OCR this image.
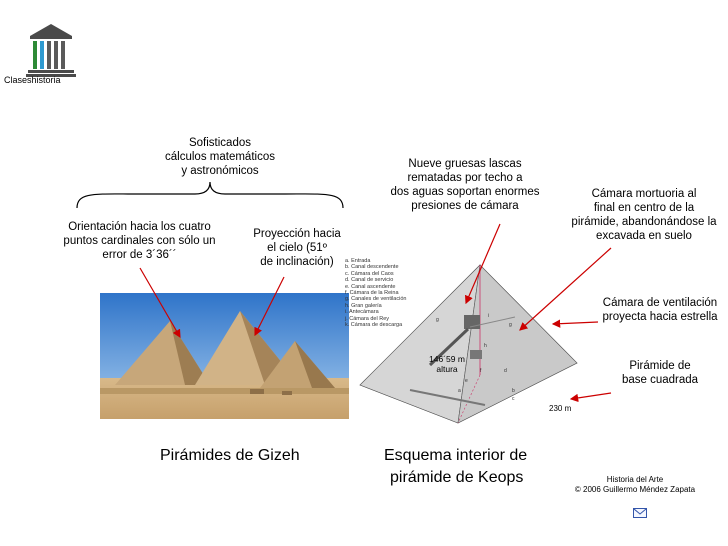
Claseshistoria
Sofisticados
cálculos matemáticos
y astronómicos
Orientación hacia los cuatro
puntos cardinales con sólo un
error de 3´36´´
Proyección hacia
el cielo (51º
de inclinación)
Nueve gruesas lascas
rematadas por techo a
dos aguas soportan enormes
presiones de cámara
Cámara mortuoria al
final en centro de la
pirámide, abandonándose la
excavada en suelo
a. Entrada
b. Canal descendente
c. Cámara del Caos
d. Canal de servicio
e. Canal ascendente
f. Cámara de la Reina
g. Canales de ventilación
h. Gran galería
i. Antecámara
j. Cámara del Rey
k. Cámara de descarga
g
g
i
h
f
e
a	b
c
d
146´59 m
altura
230 m
Cámara de ventilación
proyecta hacia estrella
Pirámide de
base cuadrada
Pirámides de Gizeh	Esquema interior de
pirámide de Keops	Historia del Arte
© 2006 Guillermo Méndez Zapata
